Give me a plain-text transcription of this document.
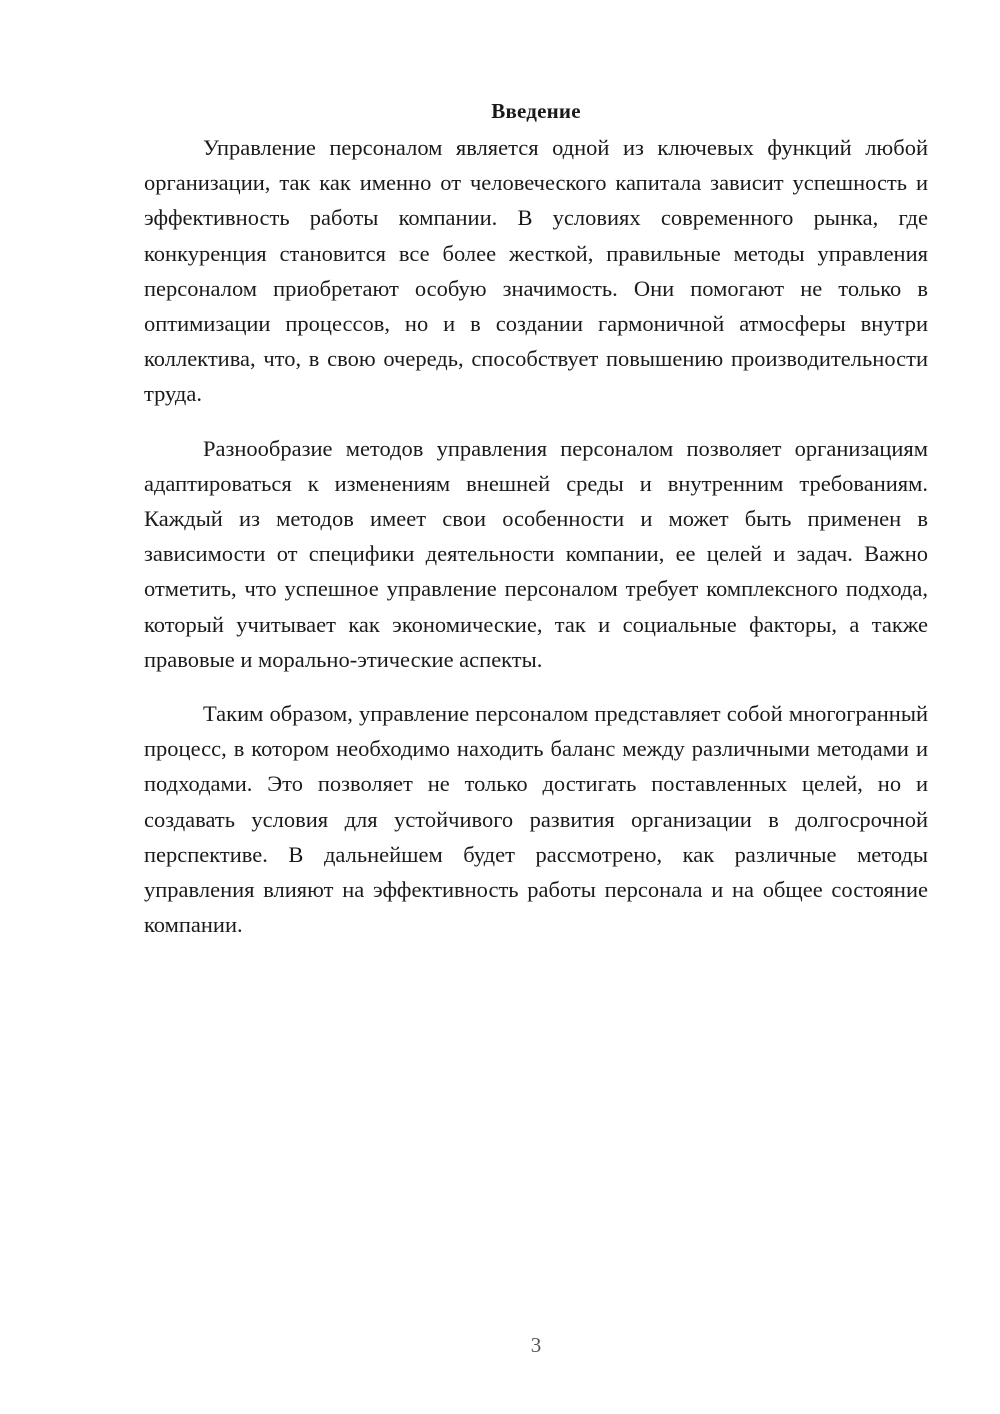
Введение

Управление персоналом является одной из ключевых функций любой организации, так как именно от человеческого капитала зависит успешность и эффективность работы компании. В условиях современного рынка, где конкуренция становится все более жесткой, правильные методы управления персоналом приобретают особую значимость. Они помогают не только в оптимизации процессов, но и в создании гармоничной атмосферы внутри коллектива, что, в свою очередь, способствует повышению производительности труда.

Разнообразие методов управления персоналом позволяет организациям адаптироваться к изменениям внешней среды и внутренним требованиям. Каждый из методов имеет свои особенности и может быть применен в зависимости от специфики деятельности компании, ее целей и задач. Важно отметить, что успешное управление персоналом требует комплексного подхода, который учитывает как экономические, так и социальные факторы, а также правовые и морально-этические аспекты.

Таким образом, управление персоналом представляет собой многогранный процесс, в котором необходимо находить баланс между различными методами и подходами. Это позволяет не только достигать поставленных целей, но и создавать условия для устойчивого развития организации в долгосрочной перспективе. В дальнейшем будет рассмотрено, как различные методы управления влияют на эффективность работы персонала и на общее состояние компании.

3
